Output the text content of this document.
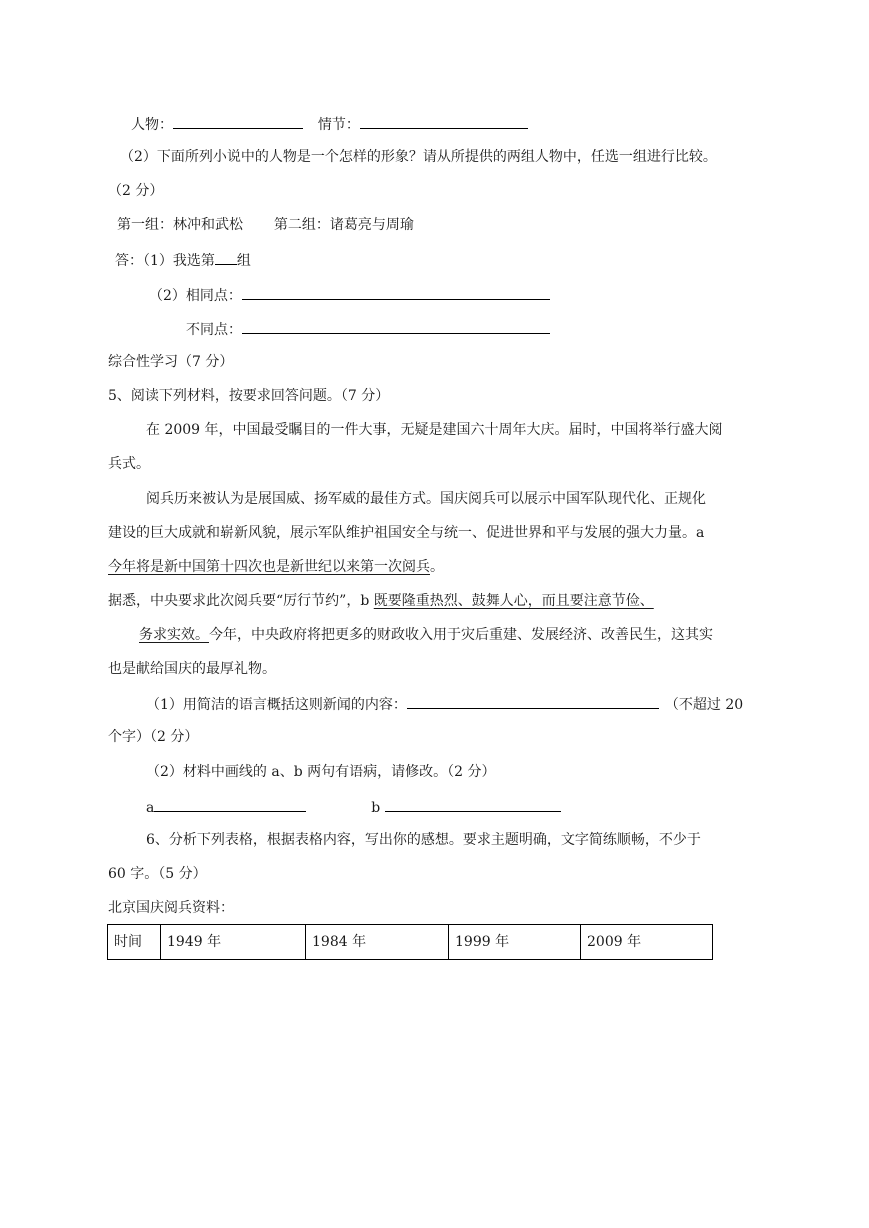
人物：	情节：
（2）下面所列小说中的人物是一个怎样的形象？请从所提供的两组人物中，任选一组进行比较。
（2 分）
第一组：林冲和武松 第二组：诸葛亮与周瑜
答：（1）我选第 组
（2）相同点：
不同点：
综合性学习（7 分）
5、阅读下列材料，按要求回答问题。（7 分）
在 2009 年，中国最受瞩目的一件大事，无疑是建国六十周年大庆。届时，中国将举行盛大阅
兵式。
阅兵历来被认为是展国威、扬军威的最佳方式。国庆阅兵可以展示中国军队现代化、正规化
建设的巨大成就和崭新风貌，展示军队维护祖国安全与统一、促进世界和平与发展的强大力量。a
今年将是新中国第十四次也是新世纪以来第一次阅兵。
据悉，中央要求此次阅兵要“厉行节约”，b 既要隆重热烈、鼓舞人心，而且要注意节俭、
务求实效。今年，中央政府将把更多的财政收入用于灾后重建、发展经济、改善民生，这其实
也是献给国庆的最厚礼物。
（1）用简洁的语言概括这则新闻的内容：	（不超过 20
个字）（2 分）
（2）材料中画线的 a、b 两句有语病，请修改。（2 分）
a	b
6、分析下列表格，根据表格内容，写出你的感想。要求主题明确，文字简练顺畅，不少于
60 字。（5 分）
北京国庆阅兵资料：
时间	1949 年	1984 年	1999 年	2009 年
